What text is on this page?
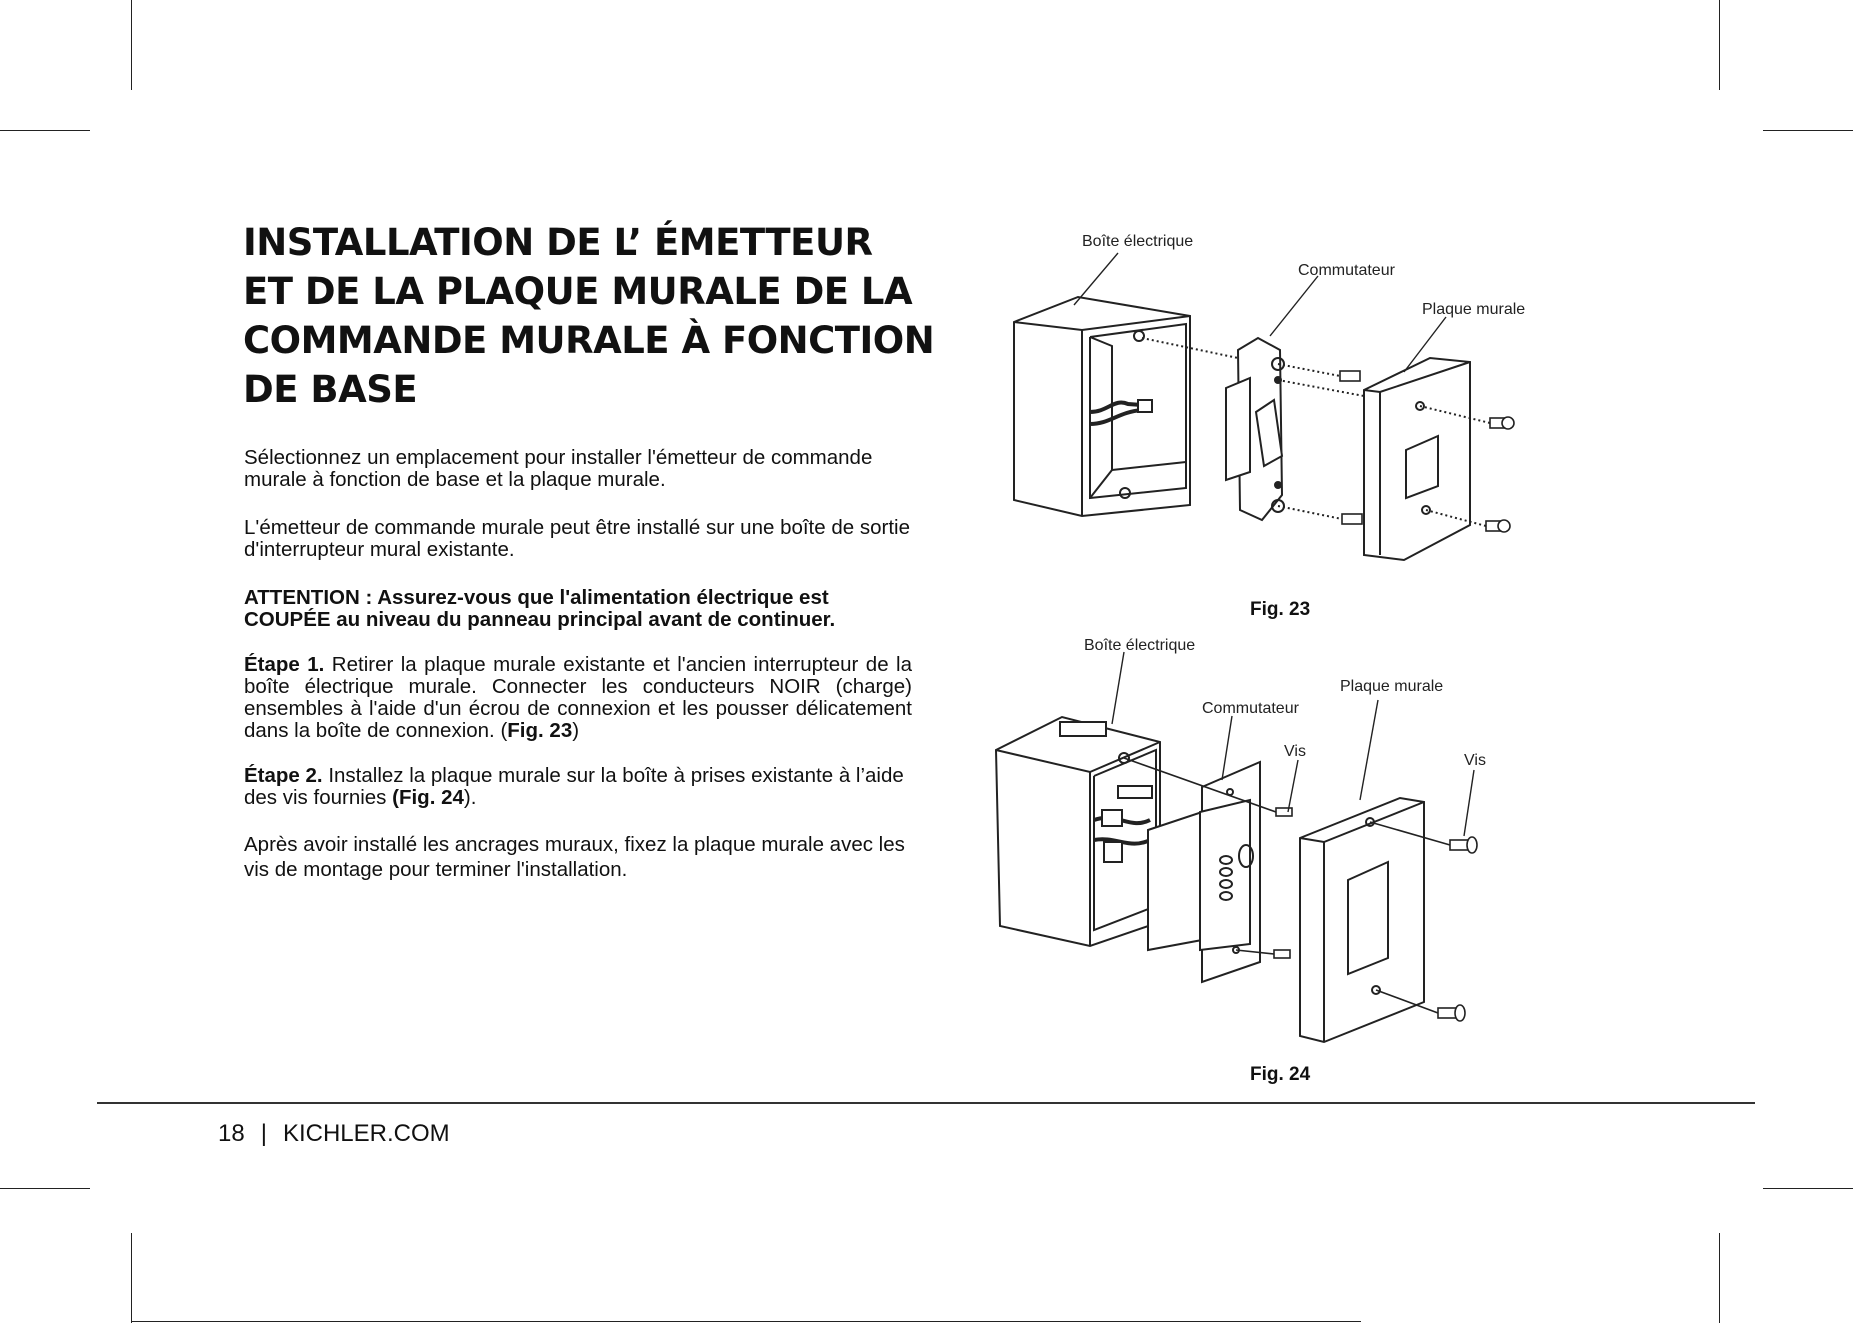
INSTALLATION DE L’ ÉMETTEUR
ET DE LA PLAQUE MURALE DE LA
COMMANDE MURALE À FONCTION
DE BASE

Sélectionnez un emplacement pour installer l'émetteur de commande murale à fonction de base et la plaque murale.

L'émetteur de commande murale peut être installé sur une boîte de sortie d'interrupteur mural existante.

ATTENTION : Assurez-vous que l'alimentation électrique est COUPÉE au niveau du panneau principal avant de continuer.

Étape 1. Retirer la plaque murale existante et l'ancien interrupteur de la boîte électrique murale. Connecter les conducteurs NOIR (charge) ensembles à l'aide d'un écrou de connexion et les pousser délicatement dans la boîte de connexion. (Fig. 23)

Étape 2. Installez la plaque murale sur la boîte à prises existante à l’aide des vis fournies (Fig. 24).

Après avoir installé les ancrages muraux, fixez la plaque murale avec les vis de montage pour terminer l'installation.

Boîte électrique
Commutateur
Plaque murale
Fig. 23
Boîte électrique
Commutateur
Plaque murale
Vis
Vis
Fig. 24
18 | KICHLER.COM
